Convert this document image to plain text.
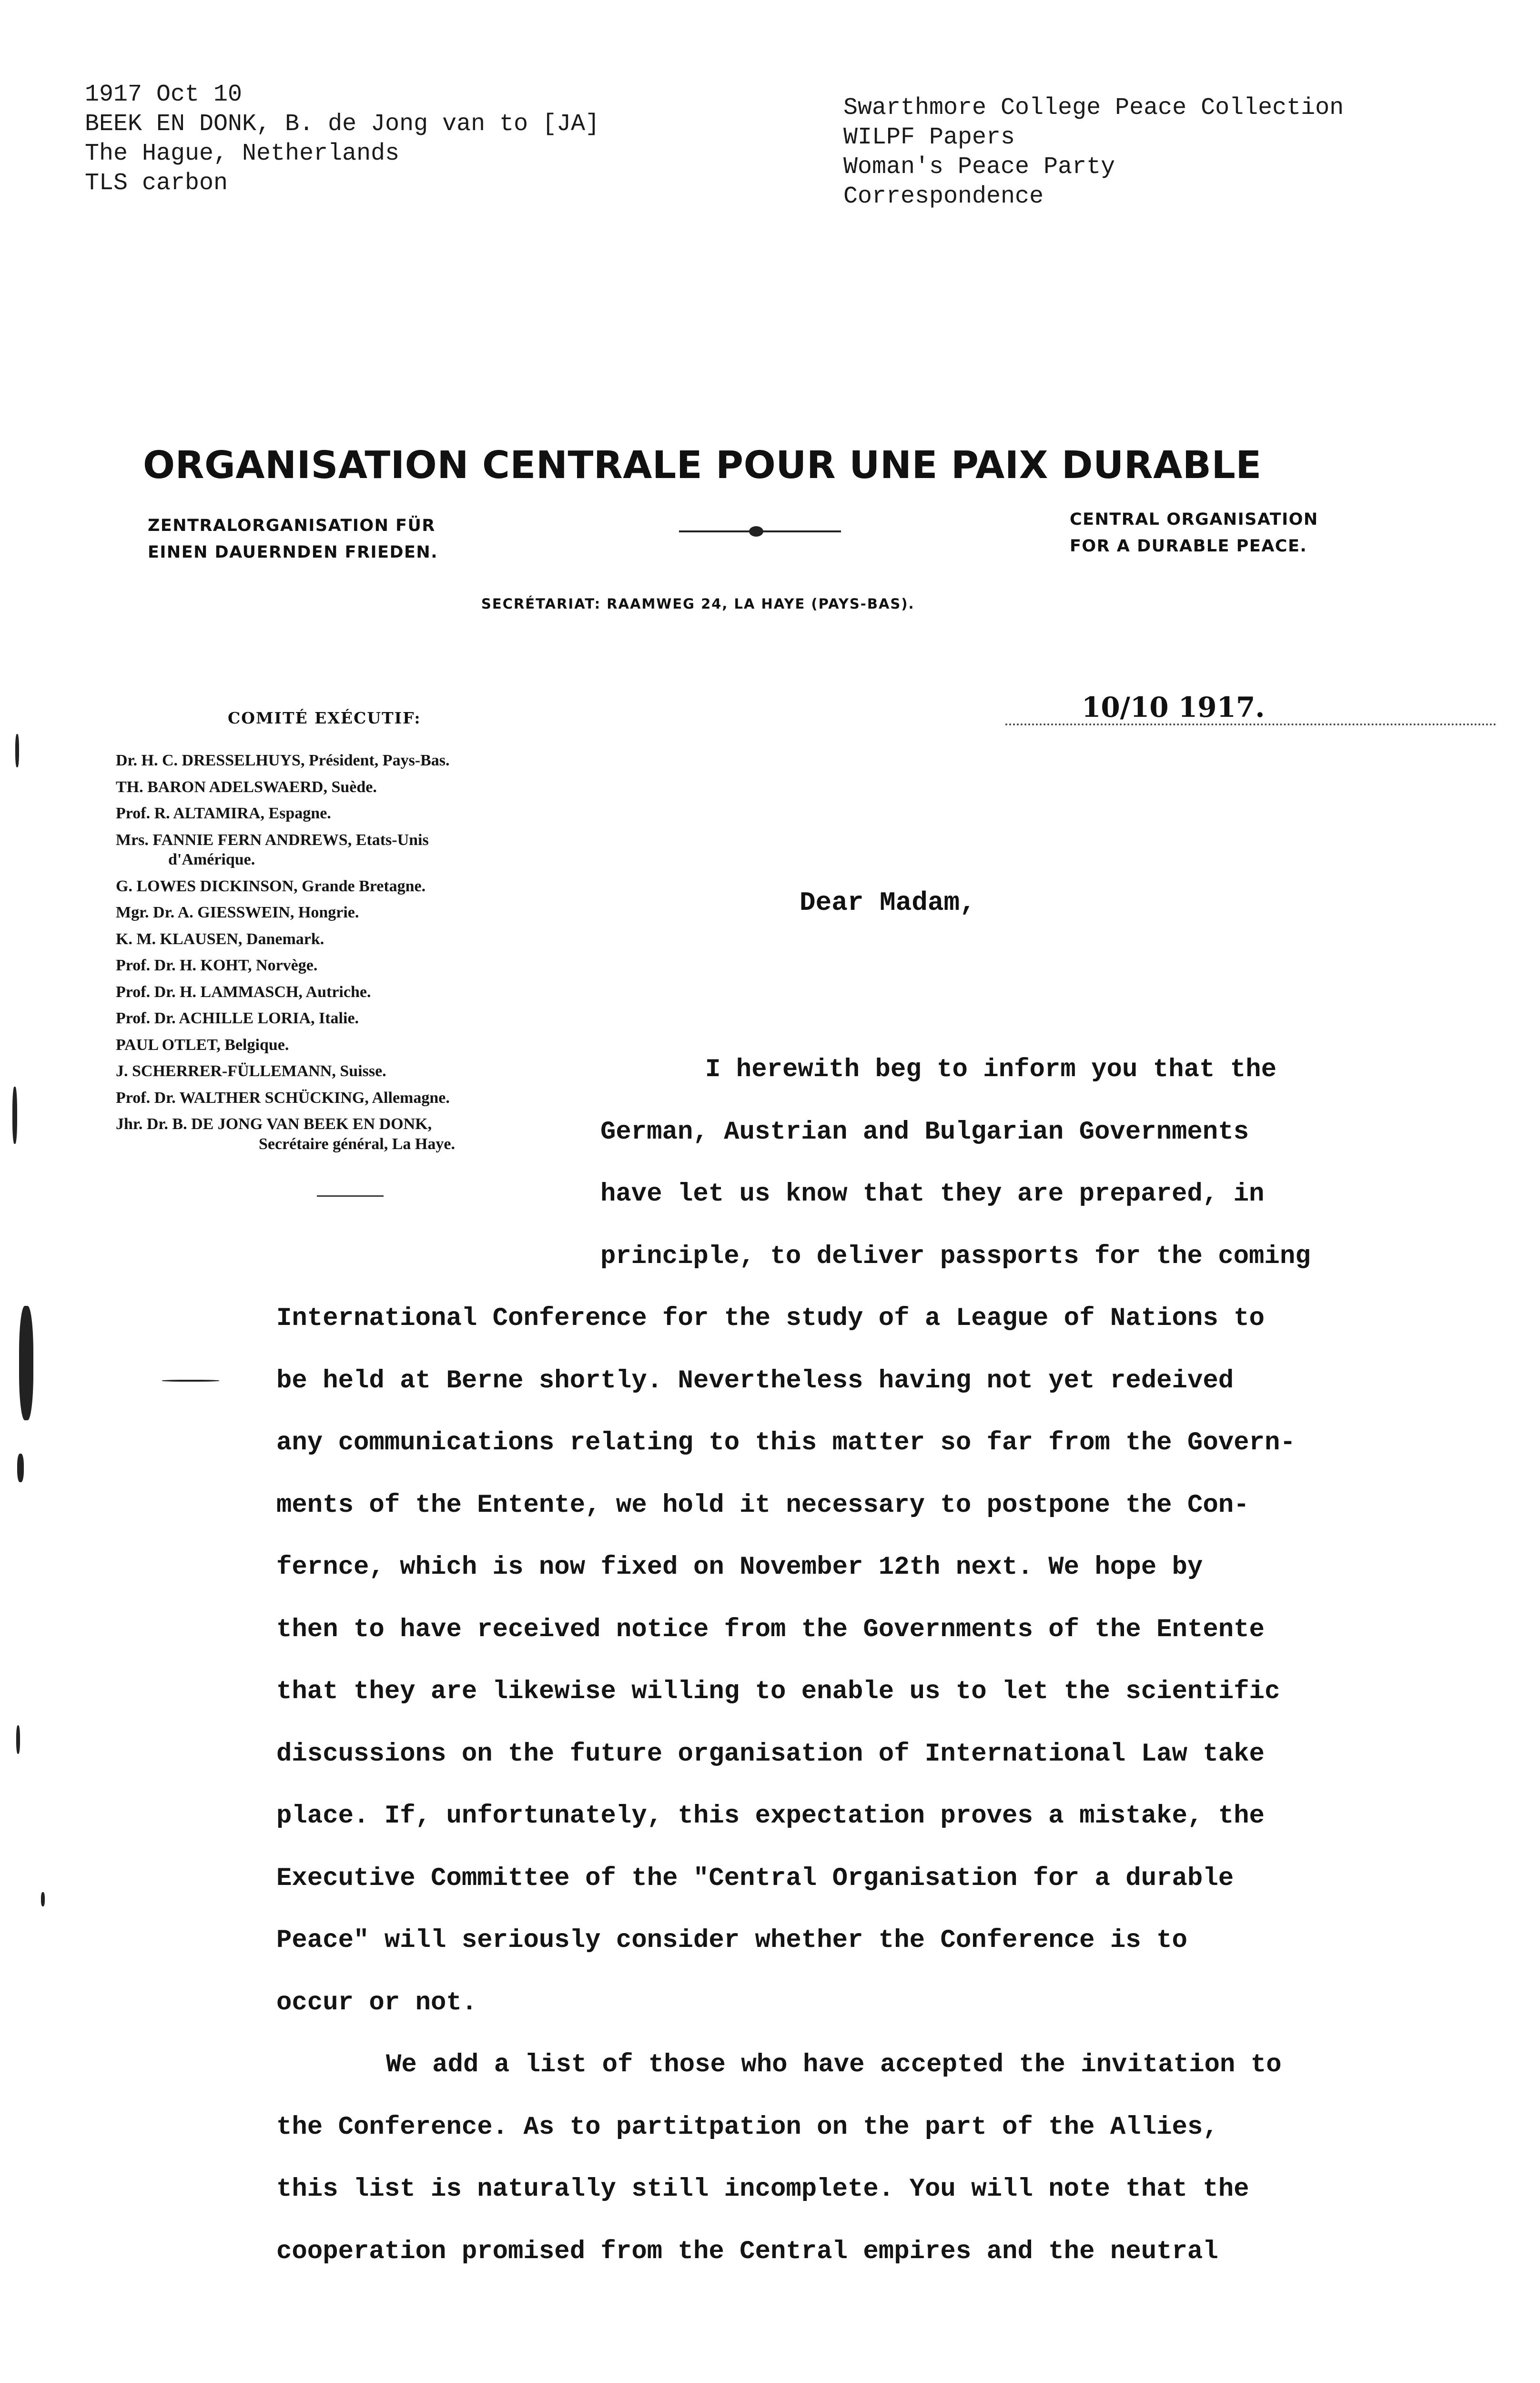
1917 Oct 10
BEEK EN DONK, B. de Jong van to [JA]
The Hague, Netherlands
TLS carbon
Swarthmore College Peace Collection
WILPF Papers
Woman's Peace Party
Correspondence
ORGANISATION CENTRALE POUR UNE PAIX DURABLE
ZENTRALORGANISATION FÜR
EINEN DAUERNDEN FRIEDEN.
CENTRAL ORGANISATION
FOR A DURABLE PEACE.
SECRÉTARIAT: RAAMWEG 24, LA HAYE (PAYS-BAS).
10/10 1917.
COMITÉ EXÉCUTIF:
Dr. H. C. DRESSELHUYS, Président, Pays-Bas.
TH. BARON ADELSWAERD, Suède.
Prof. R. ALTAMIRA, Espagne.
Mrs. FANNIE FERN ANDREWS, Etats-Unis
d'Amérique.
G. LOWES DICKINSON, Grande Bretagne.
Mgr. Dr. A. GIESSWEIN, Hongrie.
K. M. KLAUSEN, Danemark.
Prof. Dr. H. KOHT, Norvège.
Prof. Dr. H. LAMMASCH, Autriche.
Prof. Dr. ACHILLE LORIA, Italie.
PAUL OTLET, Belgique.
J. SCHERRER-FÜLLEMANN, Suisse.
Prof. Dr. WALTHER SCHÜCKING, Allemagne.
Jhr. Dr. B. DE JONG VAN BEEK EN DONK,
Secrétaire général, La Haye.
Dear Madam,
I herewith beg to inform you that the
German, Austrian and Bulgarian Governments
have let us know that they are prepared, in
principle, to deliver passports for the coming
International Conference for the study of a League of Nations to
be held at Berne shortly. Nevertheless having not yet redeived
any communications relating to this matter so far from the Govern-
ments of the Entente, we hold it necessary to postpone the Con-
fernce, which is now fixed on November 12th next. We hope by
then to have received notice from the Governments of the Entente
that they are likewise willing to enable us to let the scientific
discussions on the future organisation of International Law take
place. If, unfortunately, this expectation proves a mistake, the
Executive Committee of the "Central Organisation for a durable
Peace" will seriously consider whether the Conference is to
occur or not.
We add a list of those who have accepted the invitation to
the Conference. As to partitpation on the part of the Allies,
this list is naturally still incomplete. You will note that the
cooperation promised from the Central empires and the neutral
